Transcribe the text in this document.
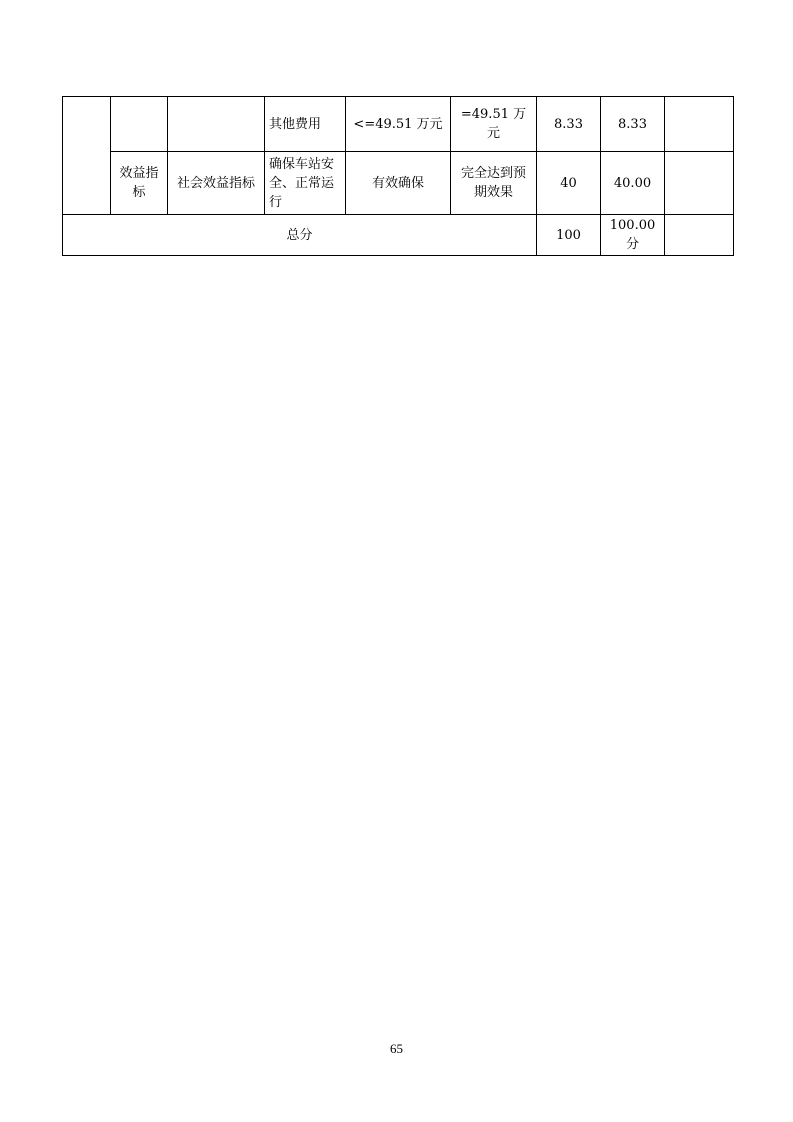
			其他费用	<=49.51 万元	=49.51 万元	8.33	8.33	
	效益指标	社会效益指标	确保车站安全、正常运行	有效确保	完全达到预期效果	40	40.00	
总分						100	100.00 分	
65
